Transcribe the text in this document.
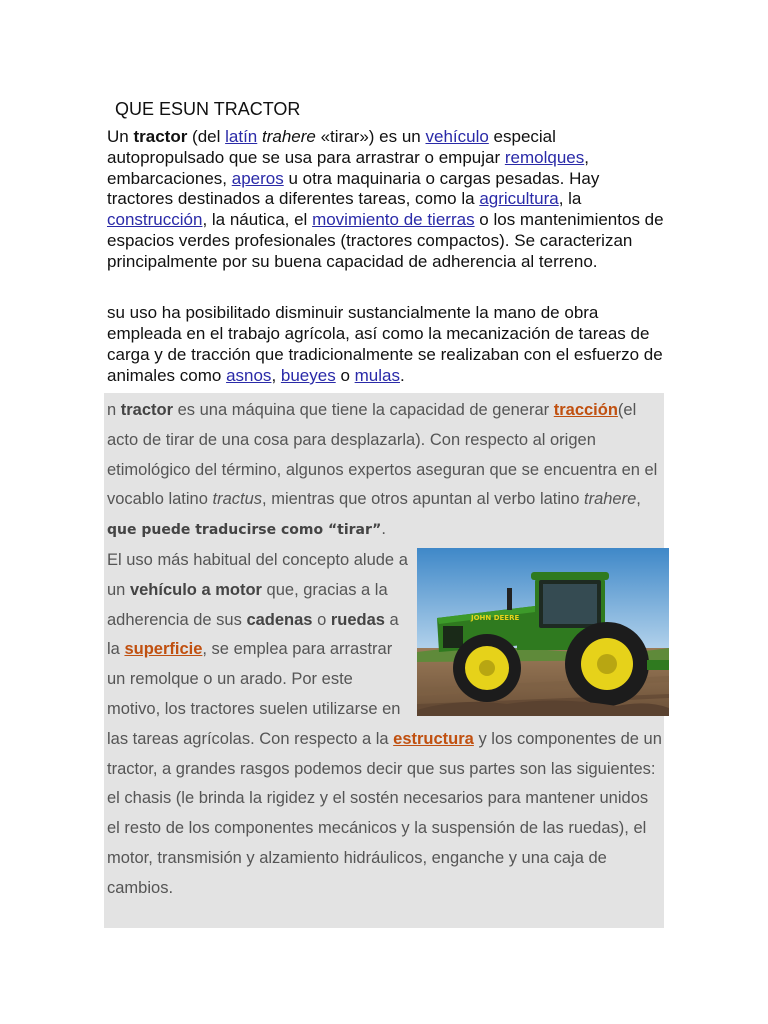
QUE ESUN TRACTOR

Un tractor (del latín trahere «tirar») es un vehículo especial autopropulsado que se usa para arrastrar o empujar remolques, embarcaciones, aperos u otra maquinaria o cargas pesadas. Hay tractores destinados a diferentes tareas, como la agricultura, la construcción, la náutica, el movimiento de tierras o los mantenimientos de espacios verdes profesionales (tractores compactos). Se caracterizan principalmente por su buena capacidad de adherencia al terreno.

su uso ha posibilitado disminuir sustancialmente la mano de obra empleada en el trabajo agrícola, así como la mecanización de tareas de carga y de tracción que tradicionalmente se realizaban con el esfuerzo de animales como asnos, bueyes o mulas.

n tractor es una máquina que tiene la capacidad de generar tracción(el acto de tirar de una cosa para desplazarla). Con respecto al origen etimológico del término, algunos expertos aseguran que se encuentra en el vocablo latino tractus, mientras que otros apuntan al verbo latino trahere, que puede traducirse como “tirar”.

JOHN DEERE
El uso más habitual del concepto alude a un vehículo a motor que, gracias a la adherencia de sus cadenas o ruedas a la superficie, se emplea para arrastrar un remolque o un arado. Por este motivo, los tractores suelen utilizarse en las tareas agrícolas. Con respecto a la estructura y los componentes de un tractor, a grandes rasgos podemos decir que sus partes son las siguientes: el chasis (le brinda la rigidez y el sostén necesarios para mantener unidos el resto de los componentes mecánicos y la suspensión de las ruedas), el motor, transmisión y alzamiento hidráulicos, enganche y una caja de cambios.
